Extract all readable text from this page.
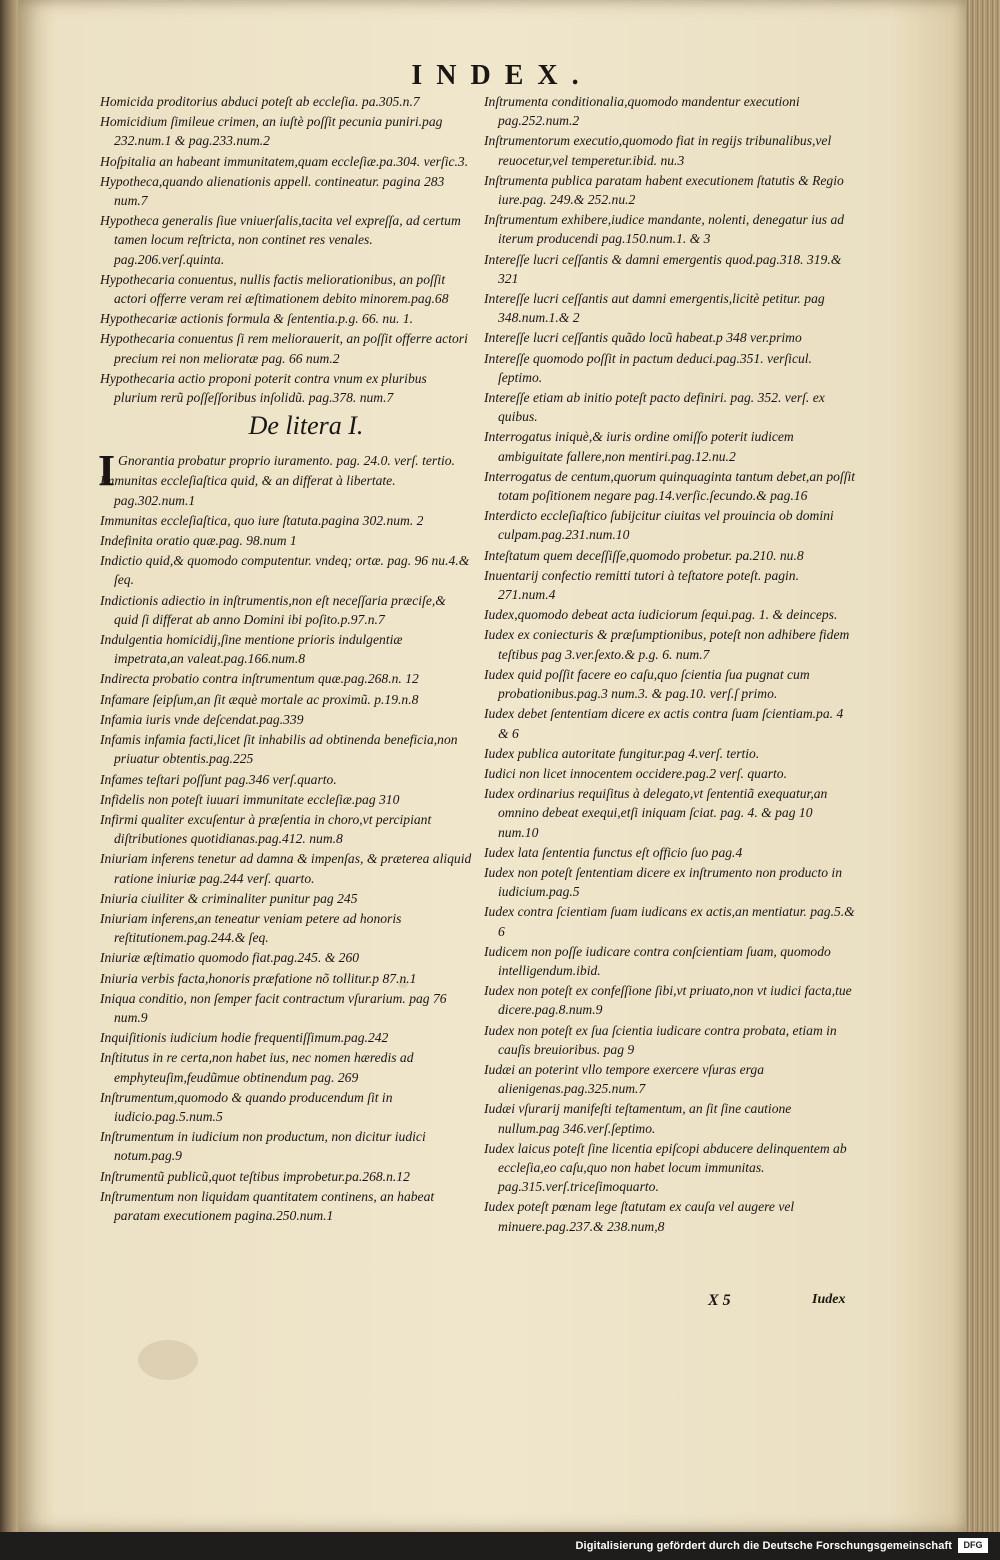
INDEX.
Homicida proditorius abduci poteſt ab eccleſia. pa.305.n.7
Homicidium ſimileue crimen, an iuſtè poſſit pecunia puniri.pag 232.num.1 & pag.233.num.2
Hoſpitalia an habeant immunitatem,quam eccleſiæ.pa.304. verſic.3.
Hypotheca,quando alienationis appell. contineatur. pagina 283 num.7
Hypotheca generalis ſiue vniuerſalis,tacita vel expreſſa, ad certum tamen locum reſtricta, non continet res venales. pag.206.verſ.quinta.
Hypothecaria conuentus, nullis factis meliorationibus, an poſſit actori offerre veram rei æſtimationem debito minorem.pag.68
Hypothecariæ actionis formula & ſententia.p.g. 66. nu. 1.
Hypothecaria conuentus ſi rem meliorauerit, an poſſit offerre actori precium rei non melioratæ pag. 66 num.2
Hypothecaria actio proponi poterit contra vnum ex pluribus plurium rerũ poſſeſſoribus inſolidũ. pag.378. num.7
De litera I.
I Gnorantia probatur proprio iuramento. pag. 24.0. verſ. tertio.
Immunitas eccleſiaſtica quid, & an differat à libertate. pag.302.num.1
Immunitas eccleſiaſtica, quo iure ſtatuta.pagina 302.num. 2
Indefinita oratio quæ.pag. 98.num 1
Indictio quid,& quomodo computentur. vndeq; ortæ. pag. 96 nu.4.& ſeq.
Indictionis adiectio in inſtrumentis,non eſt neceſſaria præciſe,& quid ſi differat ab anno Domini ibi poſito.p.97.n.7
Indulgentia homicidij,ſine mentione prioris indulgentiæ impetrata,an valeat.pag.166.num.8
Indirecta probatio contra inſtrumentum quæ.pag.268.n. 12
Infamare ſeipſum,an ſit æquè mortale ac proximũ. p.19.n.8
Infamia iuris vnde deſcendat.pag.339
Infamis infamia facti,licet ſit inhabilis ad obtinenda beneficia,non priuatur obtentis.pag.225
Infames teſtari poſſunt pag.346 verſ.quarto.
Infidelis non poteſt iuuari immunitate eccleſiæ.pag 310
Infirmi qualiter excuſentur à præſentia in choro,vt percipiant diſtributiones quotidianas.pag.412. num.8
Iniuriam inferens tenetur ad damna & impenſas, & præterea aliquid ratione iniuriæ pag.244 verſ. quarto.
Iniuria ciuiliter & criminaliter punitur pag 245
Iniuriam inferens,an teneatur veniam petere ad honoris reſtitutionem.pag.244.& ſeq.
Iniuriæ æſtimatio quomodo fiat.pag.245. & 260
Iniuria verbis facta,honoris præfatione nõ tollitur.p 87.n.1
Iniqua conditio, non ſemper facit contractum vſurarium. pag 76 num.9
Inquiſitionis iudicium hodie frequentiſſimum.pag.242
Inſtitutus in re certa,non habet ius, nec nomen hæredis ad emphyteuſim,feudũmue obtinendum pag. 269
Inſtrumentum,quomodo & quando producendum ſit in iudicio.pag.5.num.5
Inſtrumentum in iudicium non productum, non dicitur iudici notum.pag.9
Inſtrumentũ publicũ,quot teſtibus improbetur.pa.268.n.12
Inſtrumentum non liquidam quantitatem continens, an habeat paratam executionem pagina.250.num.1
Inſtrumenta conditionalia,quomodo mandentur executioni pag.252.num.2
Inſtrumentorum executio,quomodo fiat in regijs tribunalibus,vel reuocetur,vel temperetur.ibid. nu.3
Inſtrumenta publica paratam habent executionem ſtatutis & Regio iure.pag. 249.& 252.nu.2
Inſtrumentum exhibere,iudice mandante, nolenti, denegatur ius ad iterum producendi pag.150.num.1. & 3
Intereſſe lucri ceſſantis & damni emergentis quod.pag.318. 319.& 321
Intereſſe lucri ceſſantis aut damni emergentis,licitè petitur. pag 348.num.1.& 2
Intereſſe lucri ceſſantis quãdo locũ habeat.p 348 ver.primo
Intereſſe quomodo poſſit in pactum deduci.pag.351. verſicul. ſeptimo.
Intereſſe etiam ab initio poteſt pacto definiri. pag. 352. verſ. ex quibus.
Interrogatus iniquè,& iuris ordine omiſſo poterit iudicem ambiguitate fallere,non mentiri.pag.12.nu.2
Interrogatus de centum,quorum quinquaginta tantum debet,an poſſit totam poſitionem negare pag.14.verſic.ſecundo.& pag.16
Interdicto eccleſiaſtico ſubijcitur ciuitas vel prouincia ob domini culpam.pag.231.num.10
Inteſtatum quem deceſſiſſe,quomodo probetur. pa.210. nu.8
Inuentarij confectio remitti tutori à teſtatore poteſt. pagin. 271.num.4
Iudex,quomodo debeat acta iudiciorum ſequi.pag. 1. & deinceps.
Iudex ex coniecturis & præſumptionibus, poteſt non adhibere fidem teſtibus pag 3.ver.ſexto.& p.g. 6. num.7
Iudex quid poſſit facere eo caſu,quo ſcientia ſua pugnat cum probationibus.pag.3 num.3. & pag.10. verſ.ſ primo.
Iudex debet ſententiam dicere ex actis contra ſuam ſcientiam.pa. 4 & 6
Iudex publica autoritate fungitur.pag 4.verſ. tertio.
Iudici non licet innocentem occidere.pag.2 verſ. quarto.
Iudex ordinarius requiſitus à delegato,vt ſententiã exequatur,an omnino debeat exequi,etſi iniquam ſciat. pag. 4. & pag 10 num.10
Iudex lata ſententia functus eſt officio ſuo pag.4
Iudex non poteſt ſententiam dicere ex inſtrumento non producto in iudicium.pag.5
Iudex contra ſcientiam ſuam iudicans ex actis,an mentiatur. pag.5.& 6
Iudicem non poſſe iudicare contra conſcientiam ſuam, quomodo intelligendum.ibid.
Iudex non poteſt ex confeſſione ſibi,vt priuato,non vt iudici facta,tue dicere.pag.8.num.9
Iudex non poteſt ex ſua ſcientia iudicare contra probata, etiam in cauſis breuioribus. pag 9
Iudæi an poterint vllo tempore exercere vſuras erga alienigenas.pag.325.num.7
Iudæi vſurarij manifeſti teſtamentum, an ſit ſine cautione nullum.pag 346.verſ.ſeptimo.
Iudex laicus poteſt ſine licentia epiſcopi abducere delinquentem ab eccleſia,eo caſu,quo non habet locum immunitas. pag.315.verſ.triceſimoquarto.
Iudex poteſt pœnam lege ſtatutam ex cauſa vel augere vel minuere.pag.237.& 238.num,8
X 5	Iudex
Digitalisierung gefördert durch die Deutsche Forschungsgemeinschaft	DFG
